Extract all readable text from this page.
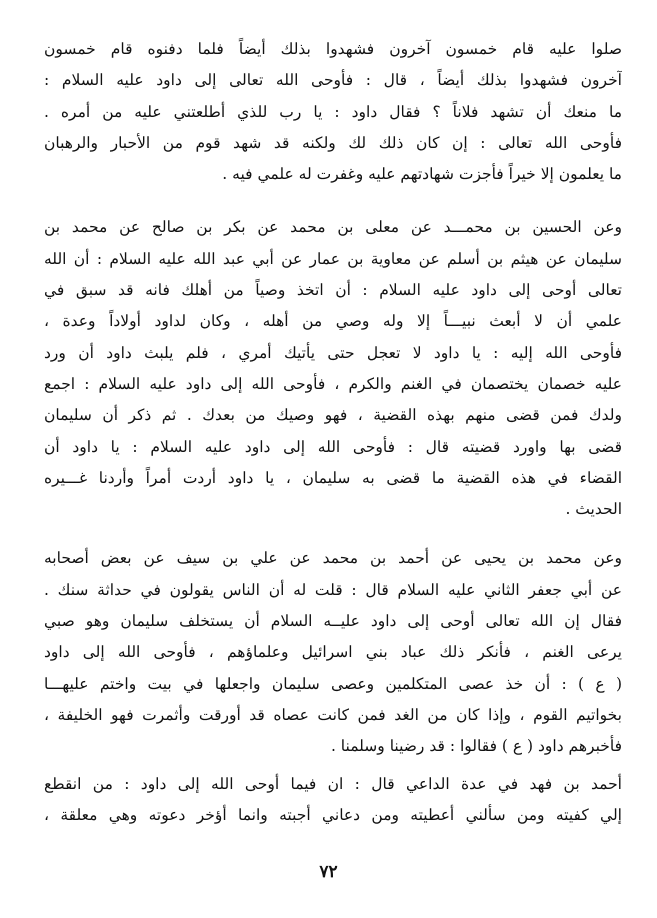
صلوا عليه قام خمسون آخرون فشهدوا بذلك أيضاً فلما دفنوه قام خمسون
آخرون فشهدوا بذلك أيضاً ، قال : فأوحى الله تعالى إلى داود عليه السلام :
ما منعك أن تشهد فلاناً ؟ فقال داود : يا رب للذي أطلعتني عليه من أمره .
فأوحى الله تعالى : إن كان ذلك لك ولكنه قد شهد قوم من الأحبار والرهبان
ما يعلمون إلا خيراً فأجزت شهادتهم عليه وغفرت له علمي فيه .
وعن الحسين بن محمـــد عن معلى بن محمد عن بكر بن صالح عن محمد بن
سليمان عن هيثم بن أسلم عن معاوية بن عمار عن أبي عبد الله عليه السلام : أن الله
تعالى أوحى إلى داود عليه السلام : أن اتخذ وصياً من أهلك فانه قد سبق في
علمي أن لا أبعث نبيـــاً إلا وله وصي من أهله ، وكان لداود أولاداً وعدة ،
فأوحى الله إليه : يا داود لا تعجل حتى يأتيك أمري ، فلم يلبث داود أن ورد
عليه خصمان يختصمان في الغنم والكرم ، فأوحى الله إلى داود عليه السلام : اجمع
ولدك فمن قضى منهم بهذه القضية ، فهو وصيك من بعدك . ثم ذكر أن سليمان
قضى بها واورد قضيته قال : فأوحى الله إلى داود عليه السلام : يا داود أن
القضاء في هذه القضية ما قضى به سليمان ، يا داود أردت أمراً وأردنا غـــيره
الحديث .
وعن محمد بن يحيى عن أحمد بن محمد عن علي بن سيف عن بعض أصحابه
عن أبي جعفر الثاني عليه السلام قال : قلت له أن الناس يقولون في حداثة سنك .
فقال إن الله تعالى أوحى إلى داود عليــه السلام أن يستخلف سليمان وهو صبي
يرعى الغنم ، فأنكر ذلك عباد بني اسرائيل وعلماؤهم ، فأوحى الله إلى داود
( ع ) : أن خذ عصى المتكلمين وعصى سليمان واجعلها في بيت واختم عليهـــا
بخواتيم القوم ، وإذا كان من الغد فمن كانت عصاه قد أورقت وأثمرت فهو الخليفة ،
فأخبرهم داود ( ع ) فقالوا : قد رضينا وسلمنا .
أحمد بن فهد في عدة الداعي قال : ان فيما أوحى الله إلى داود : من انقطع
إلي كفيته ومن سألني أعطيته ومن دعاني أجبته وانما أؤخر دعوته وهي معلقة ،
٧٢
